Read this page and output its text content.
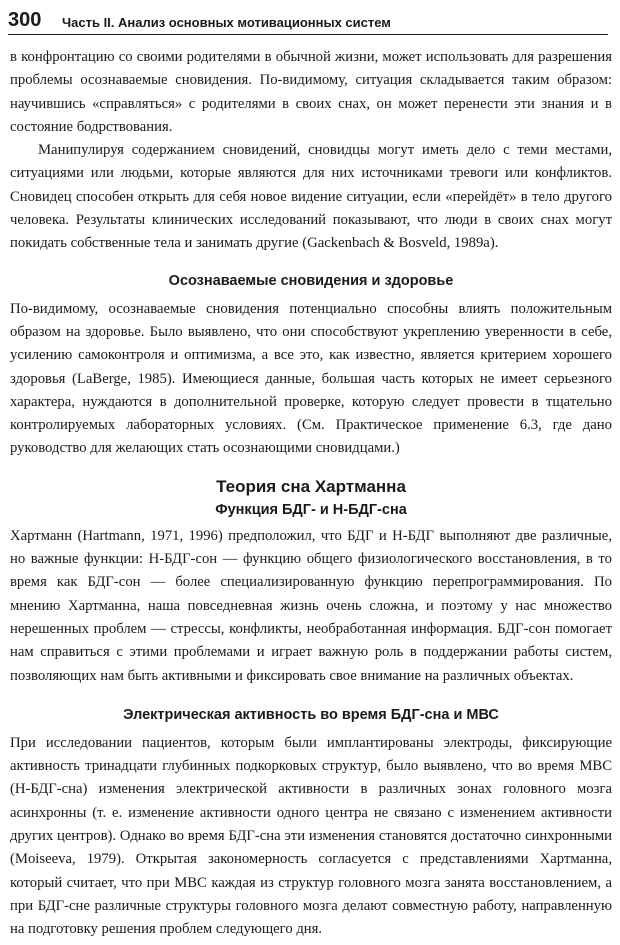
300 Часть II. Анализ основных мотивационных систем

в конфронтацию со своими родителями в обычной жизни, может использовать для разрешения проблемы осознаваемые сновидения. По-видимому, ситуация складывается таким образом: научившись «справляться» с родителями в своих снах, он может перенести эти знания и в состояние бодрствования.

Манипулируя содержанием сновидений, сновидцы могут иметь дело с теми местами, ситуациями или людьми, которые являются для них источниками тревоги или конфликтов. Сновидец способен открыть для себя новое видение ситуации, если «перейдёт» в тело другого человека. Результаты клинических исследований показывают, что люди в своих снах могут покидать собственные тела и занимать другие (Gackenbach & Bosveld, 1989a).

Осознаваемые сновидения и здоровье

По-видимому, осознаваемые сновидения потенциально способны влиять положительным образом на здоровье. Было выявлено, что они способствуют укреплению уверенности в себе, усилению самоконтроля и оптимизма, а все это, как известно, является критерием хорошего здоровья (LaBerge, 1985). Имеющиеся данные, большая часть которых не имеет серьезного характера, нуждаются в дополнительной проверке, которую следует провести в тщательно контролируемых лабораторных условиях. (См. Практическое применение 6.3, где дано руководство для желающих стать осознающими сновидцами.)

Теория сна Хартманна
Функция БДГ- и Н-БДГ-сна

Хартманн (Hartmann, 1971, 1996) предположил, что БДГ и Н-БДГ выполняют две различные, но важные функции: Н-БДГ-сон — функцию общего физиологического восстановления, в то время как БДГ-сон — более специализированную функцию перепрограммирования. По мнению Хартманна, наша повседневная жизнь очень сложна, и поэтому у нас множество нерешенных проблем — стрессы, конфликты, необработанная информация. БДГ-сон помогает нам справиться с этими проблемами и играет важную роль в поддержании работы систем, позволяющих нам быть активными и фиксировать свое внимание на различных объектах.

Электрическая активность во время БДГ-сна и МВС

При исследовании пациентов, которым были имплантированы электроды, фиксирующие активность тринадцати глубинных подкорковых структур, было выявлено, что во время МВС (Н-БДГ-сна) изменения электрической активности в различных зонах головного мозга асинхронны (т. е. изменение активности одного центра не связано с изменением активности других центров). Однако во время БДГ-сна эти изменения становятся достаточно синхронными (Moiseeva, 1979). Открытая закономерность согласуется с представлениями Хартманна, который считает, что при МВС каждая из структур головного мозга занята восстановлением, а при БДГ-сне различные структуры головного мозга делают совместную работу, направленную на подготовку решения проблем следующего дня.
